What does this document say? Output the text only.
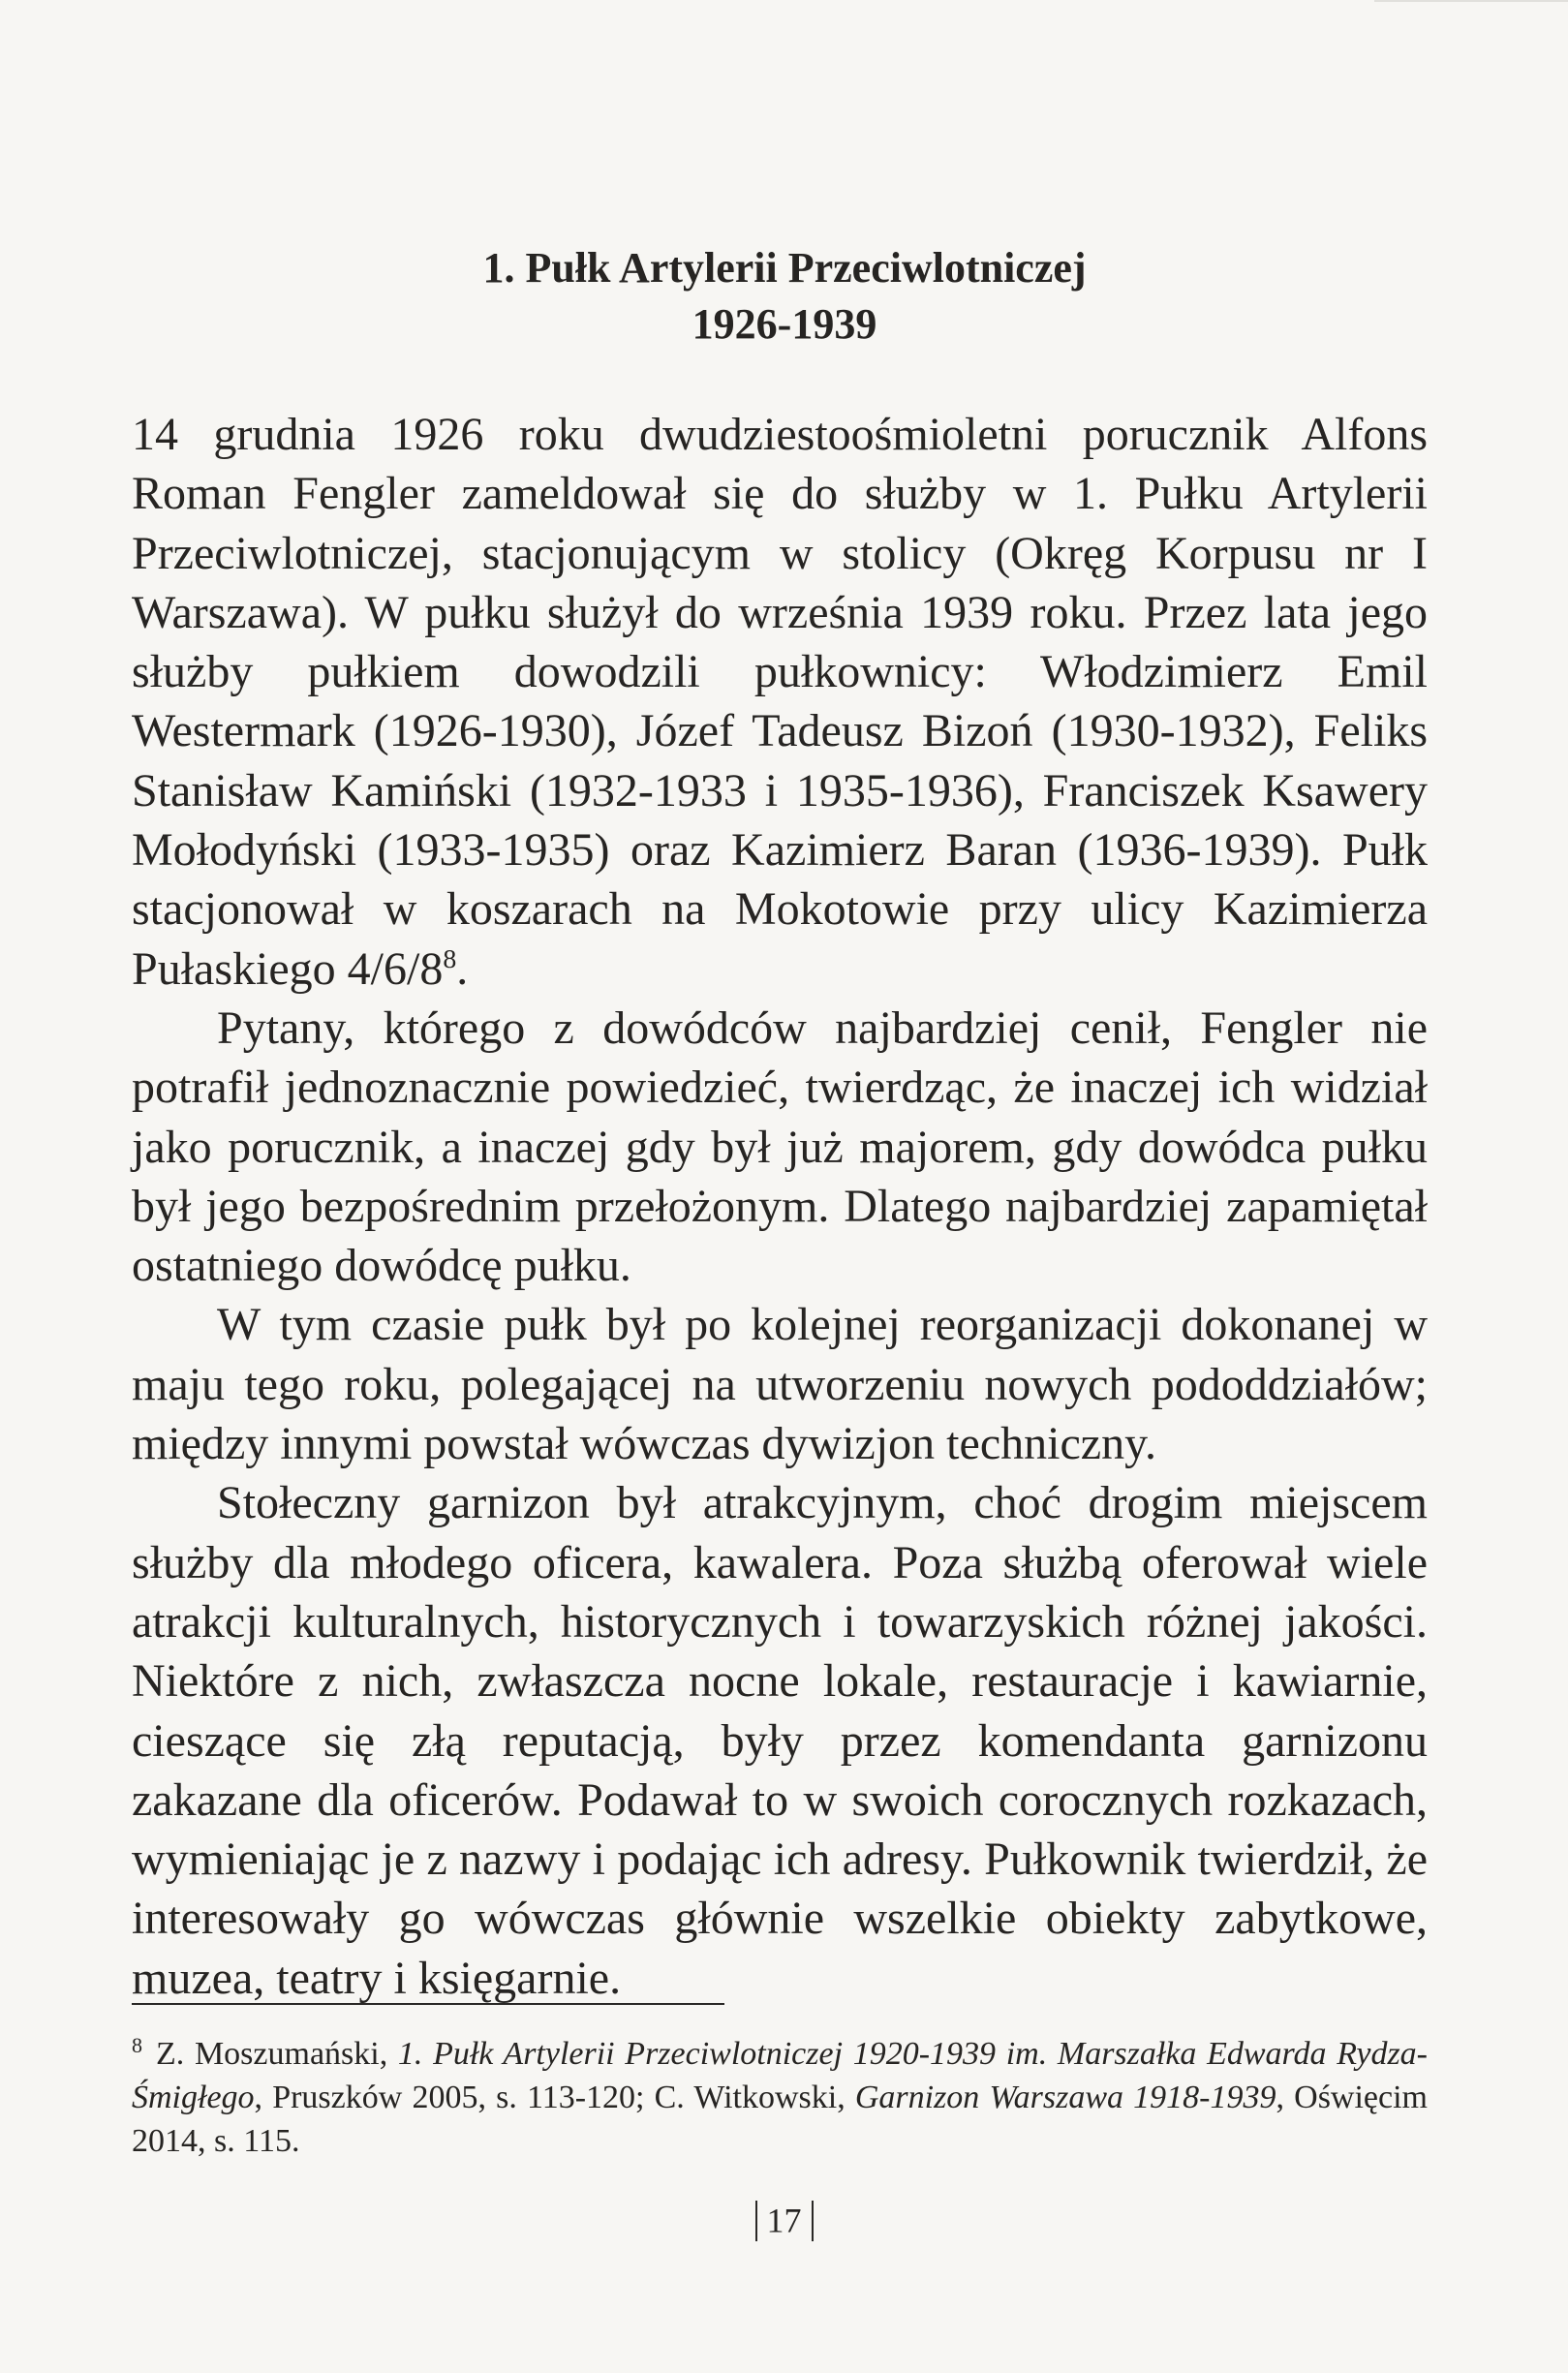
1. Pułk Artylerii Przeciwlotniczej
1926-1939

14 grudnia 1926 roku dwudziestoośmioletni porucznik Alfons Roman Fengler zameldował się do służby w 1. Pułku Artylerii Przeciwlotniczej, stacjonującym w stolicy (Okręg Korpusu nr I Warszawa). W pułku służył do września 1939 roku. Przez lata jego służby pułkiem dowodzili pułkownicy: Włodzimierz Emil Westermark (1926-1930), Józef Tadeusz Bizoń (1930-1932), Feliks Stanisław Kamiński (1932-1933 i 1935-1936), Franciszek Ksawery Mołodyński (1933-1935) oraz Kazimierz Baran (1936-1939). Pułk stacjonował w koszarach na Mokotowie przy ulicy Kazimierza Pułaskiego $4/6/8^8$.

Pytany, którego z dowódców najbardziej cenił, Fengler nie potrafił jednoznacznie powiedzieć, twierdząc, że inaczej ich widział jako porucznik, a inaczej gdy był już majorem, gdy dowódca pułku był jego bezpośrednim przełożonym. Dlatego najbardziej zapamiętał ostatniego dowódcę pułku.

W tym czasie pułk był po kolejnej reorganizacji dokonanej w maju tego roku, polegającej na utworzeniu nowych pododdziałów; między innymi powstał wówczas dywizjon techniczny.

Stołeczny garnizon był atrakcyjnym, choć drogim miejscem służby dla młodego oficera, kawalera. Poza służbą oferował wiele atrakcji kulturalnych, historycznych i towarzyskich różnej jakości. Niektóre z nich, zwłaszcza nocne lokale, restauracje i kawiarnie, cieszące się złą reputacją, były przez komendanta garnizonu zakazane dla oficerów. Podawał to w swoich corocznych rozkazach, wymieniając je z nazwy i podając ich adresy. Pułkownik twierdził, że interesowały go wówczas głównie wszelkie obiekty zabytkowe, muzea, teatry i księgarnie.

$^8$ Z. Moszumański, 1. Pułk Artylerii Przeciwlotniczej 1920-1939 im. Marszałka Edwarda Rydza-Śmigłego, Pruszków 2005, s. 113-120; C. Witkowski, Garnizon Warszawa 1918-1939, Oświęcim 2014, s. 115.
17
